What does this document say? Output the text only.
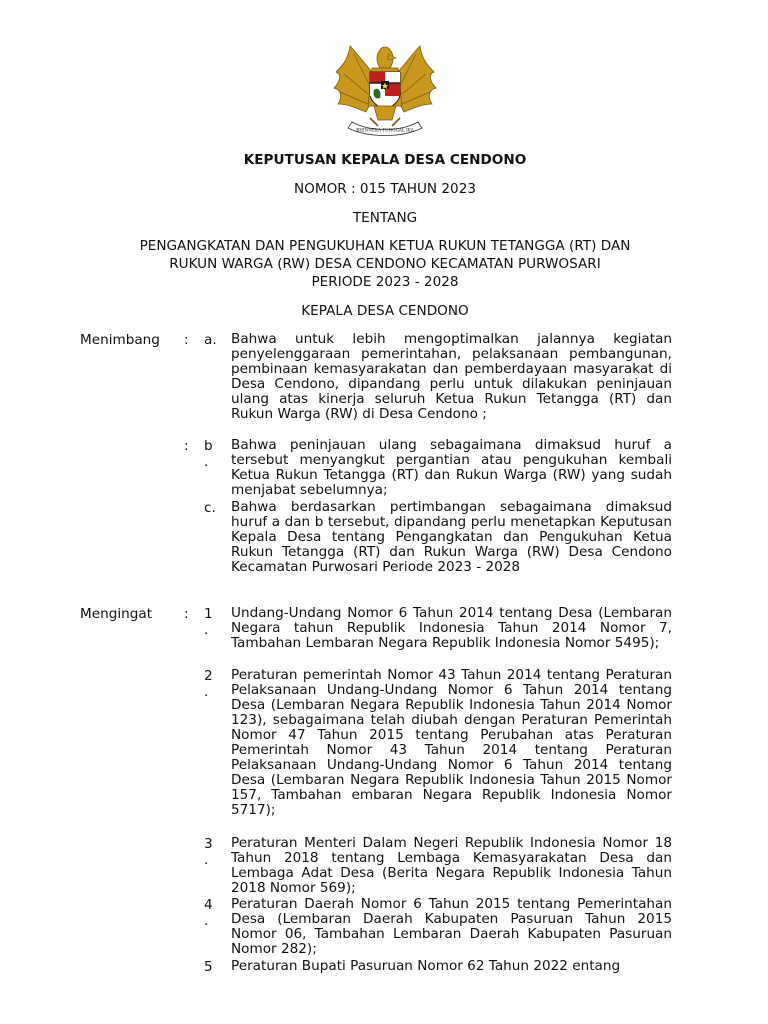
BHINNEKA TUNGGAL IKA
KEPUTUSAN KEPALA DESA CENDONO
NOMOR : 015 TAHUN 2023
TENTANG
PENGANGKATAN DAN PENGUKUHAN KETUA RUKUN TETANGGA (RT) DAN
RUKUN WARGA (RW) DESA CENDONO KECAMATAN PURWOSARI
PERIODE 2023 - 2028
KEPALA DESA CENDONO
Menimbang : a. Bahwa untuk lebih mengoptimalkan jalannya kegiatan penyelenggaraan pemerintahan, pelaksanaan pembangunan, pembinaan kemasyarakatan dan pemberdayaan masyarakat di Desa Cendono, dipandang perlu untuk dilakukan peninjauan ulang atas kinerja seluruh Ketua Rukun Tetangga (RT) dan Rukun Warga (RW) di Desa Cendono ;
: b
.
Bahwa peninjauan ulang sebagaimana dimaksud huruf a tersebut menyangkut pergantian atau pengukuhan kembali Ketua Rukun Tetangga (RT) dan Rukun Warga (RW) yang sudah menjabat sebelumnya;
c. Bahwa berdasarkan pertimbangan sebagaimana dimaksud huruf a dan b tersebut, dipandang perlu menetapkan Keputusan Kepala Desa tentang Pengangkatan dan Pengukuhan Ketua Rukun Tetangga (RT) dan Rukun Warga (RW) Desa Cendono Kecamatan Purwosari Periode 2023 - 2028
Mengingat : 1
.
Undang-Undang Nomor 6 Tahun 2014 tentang Desa (Lembaran Negara tahun Republik Indonesia Tahun 2014 Nomor 7, Tambahan Lembaran Negara Republik Indonesia Nomor 5495);
2
.
Peraturan pemerintah Nomor 43 Tahun 2014 tentang Peraturan Pelaksanaan Undang-Undang Nomor 6 Tahun 2014 tentang Desa (Lembaran Negara Republik Indonesia Tahun 2014 Nomor 123), sebagaimana telah diubah dengan Peraturan Pemerintah Nomor 47 Tahun 2015 tentang Perubahan atas Peraturan Pemerintah Nomor 43 Tahun 2014 tentang Peraturan Pelaksanaan Undang-Undang Nomor 6 Tahun 2014 tentang Desa (Lembaran Negara Republik Indonesia Tahun 2015 Nomor 157, Tambahan embaran Negara Republik Indonesia Nomor 5717);
3
.
Peraturan Menteri Dalam Negeri Republik Indonesia Nomor 18 Tahun 2018 tentang Lembaga Kemasyarakatan Desa dan Lembaga Adat Desa (Berita Negara Republik Indonesia Tahun 2018 Nomor 569);
4
.
Peraturan Daerah Nomor 6 Tahun 2015 tentang Pemerintahan Desa (Lembaran Daerah Kabupaten Pasuruan Tahun 2015 Nomor 06, Tambahan Lembaran Daerah Kabupaten Pasuruan Nomor 282);
5 Peraturan Bupati Pasuruan Nomor 62 Tahun 2022 entang
